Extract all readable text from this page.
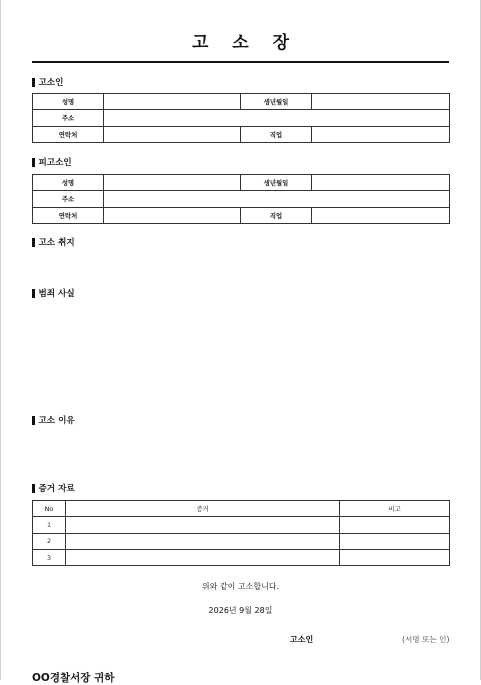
고 소 장
고소인
성명		생년월일	
주소			
연락처		직업	
피고소인
성명		생년월일	
주소			
연락처		직업	
고소 취지
범죄 사실
고소 이유
증거 자료
No	증거	비고
1		
2		
3		
위와 같이 고소합니다.
2026년 9월 28일
고소인	(서명 또는 인)
OO경찰서장 귀하
